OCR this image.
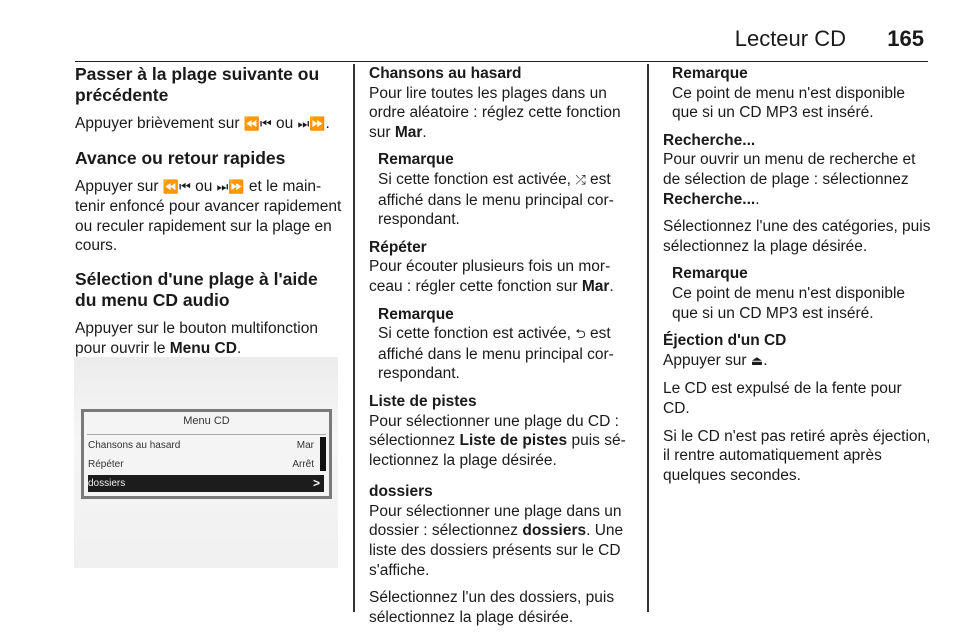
Lecteur CD 165
Passer à la plage suivante ou précédente

Appuyer brièvement sur ⏪⏮ ou ⏭⏩.

Avance ou retour rapides

Appuyer sur ⏪⏮ ou ⏭⏩ et le maintenir enfoncé pour avancer rapidement ou reculer rapidement sur la plage en cours.

Sélection d'une plage à l'aide du menu CD audio

Appuyer sur le bouton multifonction pour ouvrir le Menu CD.

Menu CD
Chansons au hasard	Mar
Répéter	Arrêt
dossiers	>
Chansons au hasard

Pour lire toutes les plages dans un ordre aléatoire : réglez cette fonction sur Mar.

Remarque
Si cette fonction est activée, ⤮ est affiché dans le menu principal correspondant.
Répéter

Pour écouter plusieurs fois un morceau : régler cette fonction sur Mar.

Remarque
Si cette fonction est activée, ⮌ est affiché dans le menu principal correspondant.
Liste de pistes

Pour sélectionner une plage du CD : sélectionnez Liste de pistes puis sélectionnez la plage désirée.

dossiers

Pour sélectionner une plage dans un dossier : sélectionnez dossiers. Une liste des dossiers présents sur le CD s'affiche.

Sélectionnez l'un des dossiers, puis sélectionnez la plage désirée.

Remarque
Ce point de menu n'est disponible que si un CD MP3 est inséré.
Recherche...

Pour ouvrir un menu de recherche et de sélection de plage : sélectionnez Recherche....

Sélectionnez l'une des catégories, puis sélectionnez la plage désirée.

Remarque
Ce point de menu n'est disponible que si un CD MP3 est inséré.
Éjection d'un CD

Appuyer sur ⏏.

Le CD est expulsé de la fente pour CD.

Si le CD n'est pas retiré après éjection, il rentre automatiquement après quelques secondes.
